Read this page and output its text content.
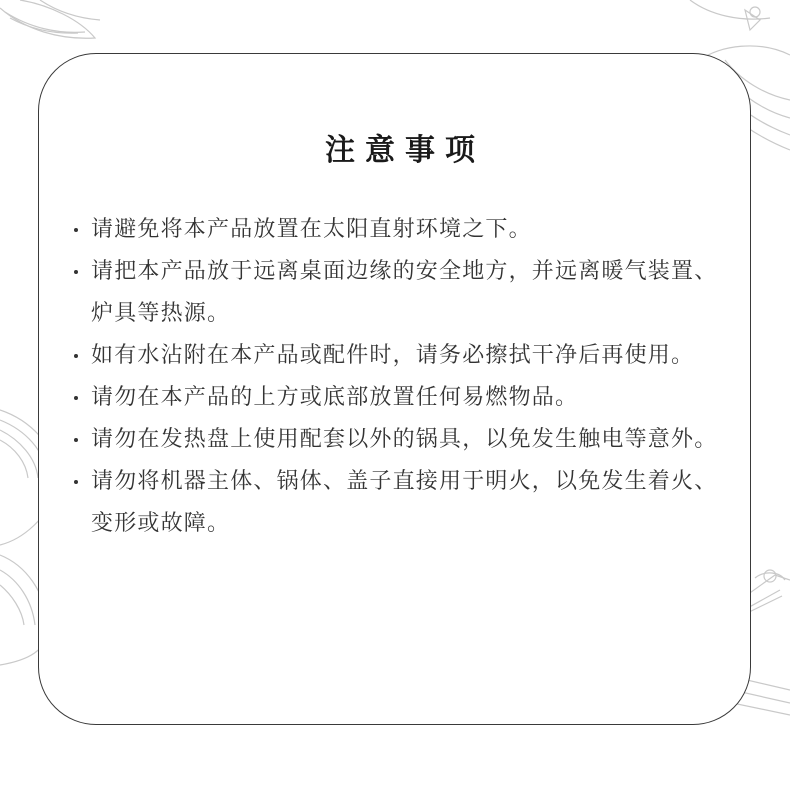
注意事项
请避免将本产品放置在太阳直射环境之下。
请把本产品放于远离桌面边缘的安全地方，并远离暖气装置、炉具等热源。
如有水沾附在本产品或配件时，请务必擦拭干净后再使用。
请勿在本产品的上方或底部放置任何易燃物品。
请勿在发热盘上使用配套以外的锅具，以免发生触电等意外。
请勿将机器主体、锅体、盖子直接用于明火，以免发生着火、变形或故障。
